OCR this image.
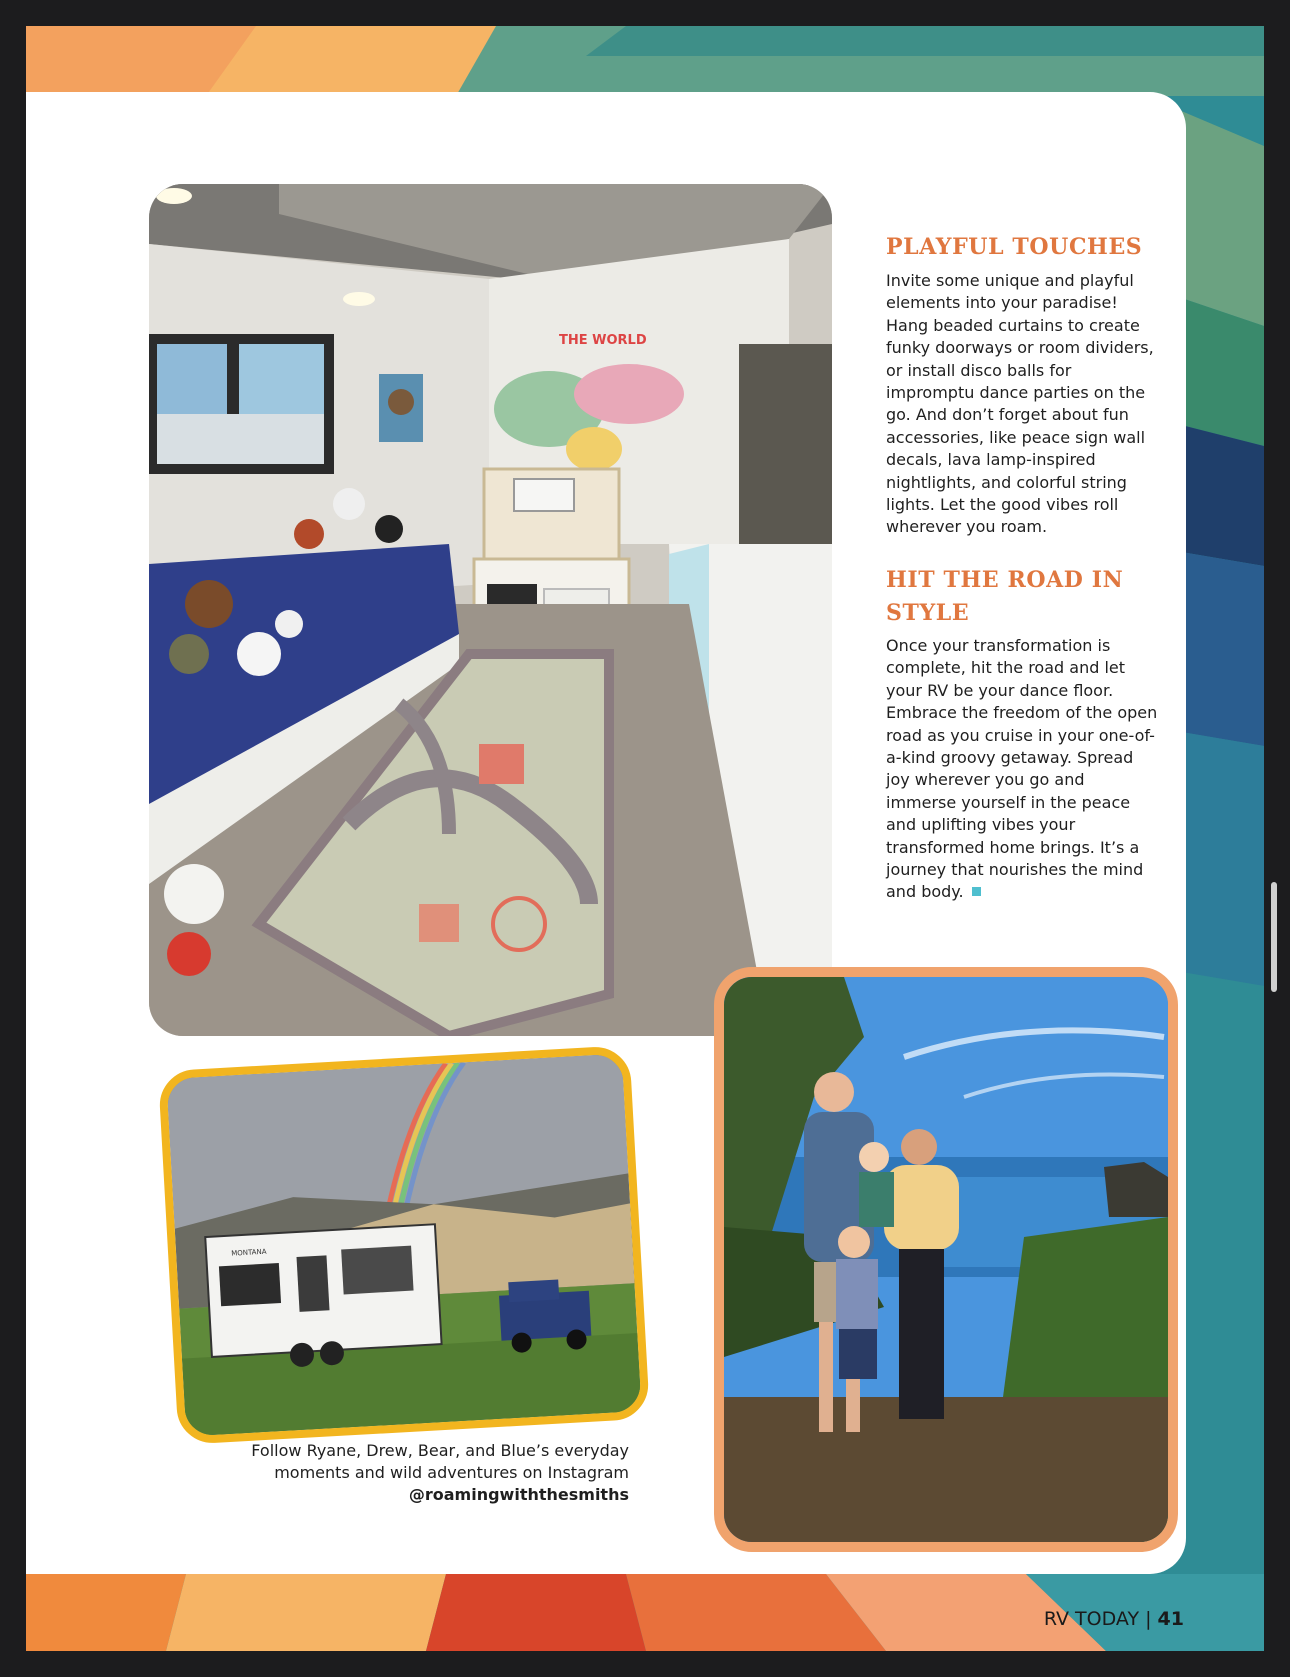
THE WORLD
MONTANA
PLAYFUL TOUCHES

Invite some unique and playful elements into your paradise! Hang beaded curtains to create funky doorways or room dividers, or install disco balls for impromptu dance parties on the go. And don’t forget about fun accessories, like peace sign wall decals, lava lamp-inspired nightlights, and colorful string lights. Let the good vibes roll wherever you roam.

HIT THE ROAD IN STYLE

Once your transformation is complete, hit the road and let your RV be your dance floor. Embrace the freedom of the open road as you cruise in your one-of-a-kind groovy getaway. Spread joy wherever you go and immerse yourself in the peace and uplifting vibes your transformed home brings. It’s a journey that nourishes the mind and body.

Follow Ryane, Drew, Bear, and Blue’s everyday
moments and wild adventures on Instagram
@roamingwiththesmiths
RV TODAY | 41
